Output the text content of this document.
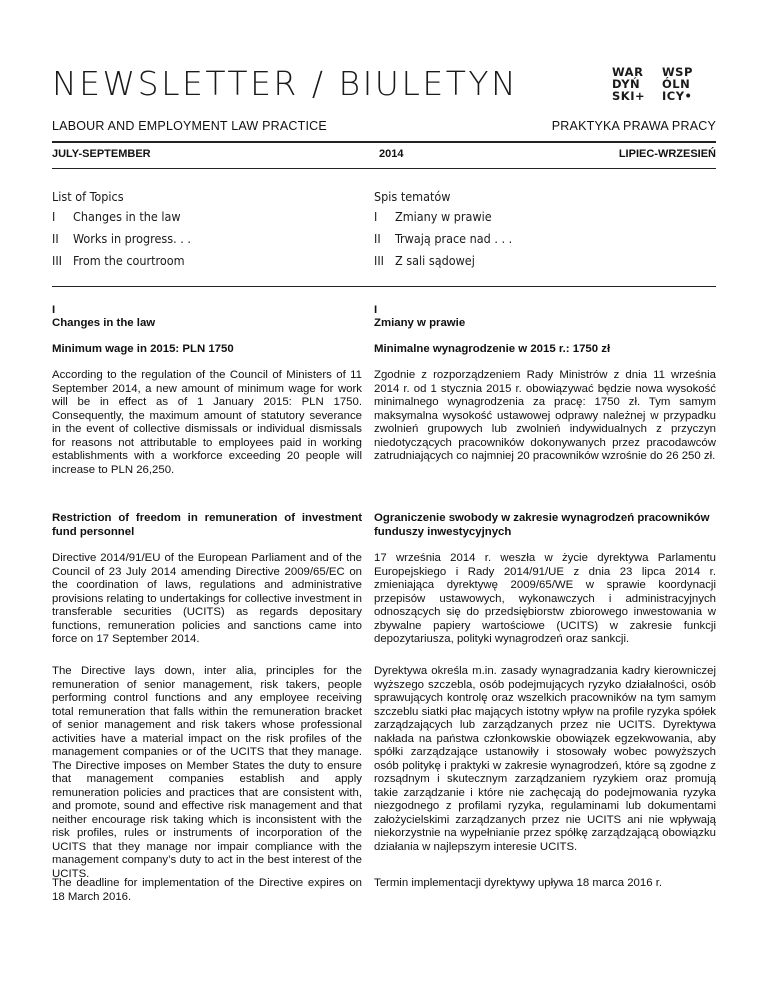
NEWSLETTER / BIULETYN	WAR
DYŃ
SKI+
WSP
ÓLN
ICY•
LABOUR AND EMPLOYMENT LAW PRACTICE	PRAKTYKA PRAWA PRACY
JULY-SEPTEMBER	2014	LIPIEC-WRZESIEŃ
List of Topics
I Changes in the law
II Works in progress. . .
III From the courtroom
Spis tematów
I Zmiany w prawie
II Trwają prace nad . . .
III Z sali sądowej
I
Changes in the law
Minimum wage in 2015: PLN 1750
According to the regulation of the Council of Ministers of 11 September 2014, a new amount of minimum wage for work will be in effect as of 1 January 2015: PLN 1750. Consequently, the maximum amount of statutory severance in the event of collective dismissals or individual dismissals for reasons not attributable to employees paid in working establishments with a workforce exceeding 20 people will increase to PLN 26,250.
Restriction of freedom in remuneration of investment fund personnel
Directive 2014/91/EU of the European Parliament and of the Council of 23 July 2014 amending Directive 2009/65/EC on the coordination of laws, regulations and administrative provisions relating to undertakings for collective investment in transferable securities (UCITS) as regards depositary functions, remuneration policies and sanctions came into force on 17 September 2014.
The Directive lays down, inter alia, principles for the remuneration of senior management, risk takers, people performing control functions and any employee receiving total remuneration that falls within the remuneration bracket of senior management and risk takers whose professional activities have a material impact on the risk profiles of the management companies or of the UCITS that they manage. The Directive imposes on Member States the duty to ensure that management companies establish and apply remuneration policies and practices that are consistent with, and promote, sound and effective risk management and that neither encourage risk taking which is inconsistent with the risk profiles, rules or instruments of incorporation of the UCITS that they manage nor impair compliance with the management company’s duty to act in the best interest of the UCITS.
The deadline for implementation of the Directive expires on 18 March 2016.
I
Zmiany w prawie
Minimalne wynagrodzenie w 2015 r.: 1750 zł
Zgodnie z rozporządzeniem Rady Ministrów z dnia 11 września 2014 r. od 1 stycznia 2015 r. obowiązywać będzie nowa wysokość minimalnego wynagrodzenia za pracę: 1750 zł. Tym samym maksymalna wysokość ustawowej odprawy należnej w przypadku zwolnień grupowych lub zwolnień indywidualnych z przyczyn niedotyczących pracowników dokonywanych przez pracodawców zatrudniających co najmniej 20 pracowników wzrośnie do 26 250 zł.
Ograniczenie swobody w zakresie wynagrodzeń pracowników funduszy inwestycyjnych
17 września 2014 r. weszła w życie dyrektywa Parlamentu Europejskiego i Rady 2014/91/UE z dnia 23 lipca 2014 r. zmieniająca dyrektywę 2009/65/WE w sprawie koordynacji przepisów ustawowych, wykonawczych i administracyjnych odnoszących się do przedsiębiorstw zbiorowego inwestowania w zbywalne papiery wartościowe (UCITS) w zakresie funkcji depozytariusza, polityki wynagrodzeń oraz sankcji.
Dyrektywa określa m.in. zasady wynagradzania kadry kierowniczej wyższego szczebla, osób podejmujących ryzyko działalności, osób sprawujących kontrolę oraz wszelkich pracowników na tym samym szczeblu siatki płac mających istotny wpływ na profile ryzyka spółek zarządzających lub zarządzanych przez nie UCITS. Dyrektywa nakłada na państwa członkowskie obowiązek egzekwowania, aby spółki zarządzające ustanowiły i stosowały wobec powyższych osób politykę i praktyki w zakresie wynagrodzeń, które są zgodne z rozsądnym i skutecznym zarządzaniem ryzykiem oraz promują takie zarządzanie i które nie zachęcają do podejmowania ryzyka niezgodnego z profilami ryzyka, regulaminami lub dokumentami założycielskimi zarządzanych przez nie UCITS ani nie wpływają niekorzystnie na wypełnianie przez spółkę zarządzającą obowiązku działania w najlepszym interesie UCITS.
Termin implementacji dyrektywy upływa 18 marca 2016 r.
